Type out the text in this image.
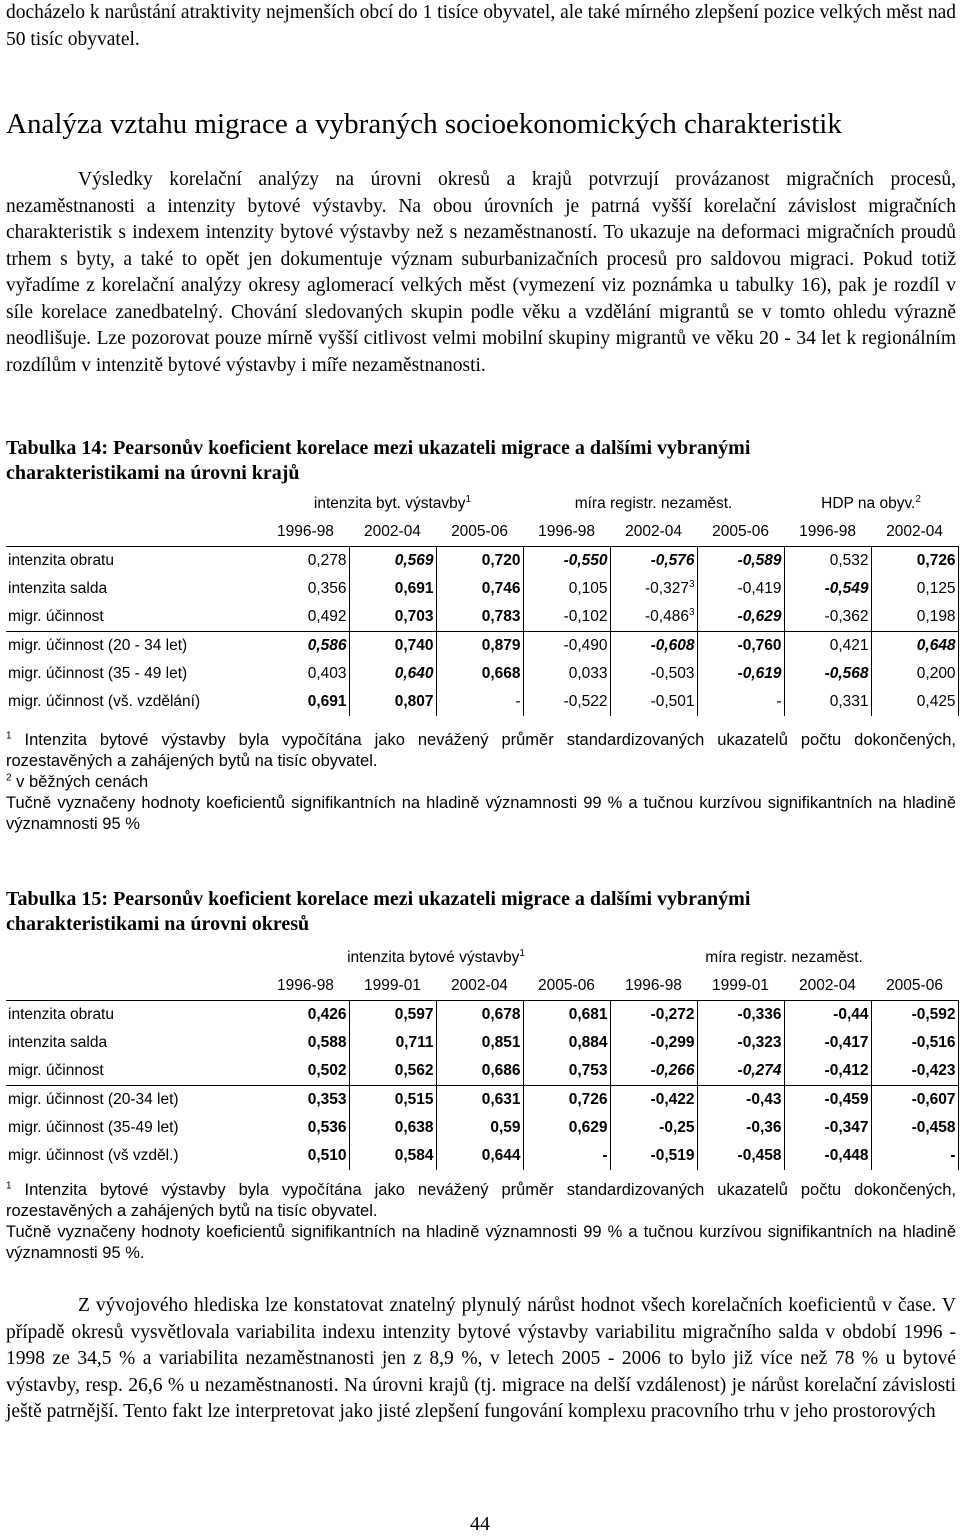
docházelo k narůstání atraktivity nejmenších obcí do 1 tisíce obyvatel, ale také mírného zlepšení pozice velkých měst nad 50 tisíc obyvatel.

Analýza vztahu migrace a vybraných socioekonomických charakteristik

Výsledky korelační analýzy na úrovni okresů a krajů potvrzují provázanost migračních procesů, nezaměstnanosti a intenzity bytové výstavby. Na obou úrovních je patrná vyšší korelační závislost migračních charakteristik s indexem intenzity bytové výstavby než s nezaměstnaností. To ukazuje na deformaci migračních proudů trhem s byty, a také to opět jen dokumentuje význam suburbanizačních procesů pro saldovou migraci. Pokud totiž vyřadíme z korelační analýzy okresy aglomerací velkých měst (vymezení viz poznámka u tabulky 16), pak je rozdíl v síle korelace zanedbatelný. Chování sledovaných skupin podle věku a vzdělání migrantů se v tomto ohledu výrazně neodlišuje. Lze pozorovat pouze mírně vyšší citlivost velmi mobilní skupiny migrantů ve věku 20 - 34 let k regionálním rozdílům v intenzitě bytové výstavby i míře nezaměstnanosti.

Tabulka 14: Pearsonův koeficient korelace mezi ukazateli migrace a dalšími vybranými charakteristikami na úrovni krajů
	intenzita byt. výstavby$^1$			míra registr. nezaměst.			HDP na obyv.$^2$
	1996-98	2002-04	2005-06	1996-98	2002-04	2005-06	1996-98	2002-04
intenzita obratu	0,278	0,569	0,720	-0,550	-0,576	-0,589	0,532	0,726
intenzita salda	0,356	0,691	0,746	0,105	-0,327$^3$	-0,419	-0,549	0,125
migr. účinnost	0,492	0,703	0,783	-0,102	-0,486$^3$	-0,629	-0,362	0,198
migr. účinnost (20 - 34 let)	0,586	0,740	0,879	-0,490	-0,608	-0,760	0,421	0,648
migr. účinnost (35 - 49 let)	0,403	0,640	0,668	0,033	-0,503	-0,619	-0,568	0,200
migr. účinnost (vš. vzdělání)	0,691	0,807	-	-0,522	-0,501	-	0,331	0,425
$^1$ Intenzita bytové výstavby byla vypočítána jako nevážený průměr standardizovaných ukazatelů počtu dokončených, rozestavěných a zahájených bytů na tisíc obyvatel.
$^2$ v běžných cenách
Tučně vyznačeny hodnoty koeficientů signifikantních na hladině významnosti 99 % a tučnou kurzívou signifikantních na hladině významnosti 95 %
Tabulka 15: Pearsonův koeficient korelace mezi ukazateli migrace a dalšími vybranými charakteristikami na úrovni okresů
	intenzita bytové výstavby$^1$				míra registr. nezaměst.			
	1996-98	1999-01	2002-04	2005-06	1996-98	1999-01	2002-04	2005-06
intenzita obratu	0,426	0,597	0,678	0,681	-0,272	-0,336	-0,44	-0,592
intenzita salda	0,588	0,711	0,851	0,884	-0,299	-0,323	-0,417	-0,516
migr. účinnost	0,502	0,562	0,686	0,753	-0,266	-0,274	-0,412	-0,423
migr. účinnost (20-34 let)	0,353	0,515	0,631	0,726	-0,422	-0,43	-0,459	-0,607
migr. účinnost (35-49 let)	0,536	0,638	0,59	0,629	-0,25	-0,36	-0,347	-0,458
migr. účinnost (vš vzděl.)	0,510	0,584	0,644	-	-0,519	-0,458	-0,448	-
$^1$ Intenzita bytové výstavby byla vypočítána jako nevážený průměr standardizovaných ukazatelů počtu dokončených, rozestavěných a zahájených bytů na tisíc obyvatel.
Tučně vyznačeny hodnoty koeficientů signifikantních na hladině významnosti 99 % a tučnou kurzívou signifikantních na hladině významnosti 95 %.

Z vývojového hlediska lze konstatovat znatelný plynulý nárůst hodnot všech korelačních koeficientů v čase. V případě okresů vysvětlovala variabilita indexu intenzity bytové výstavby variabilitu migračního salda v období 1996 - 1998 ze 34,5 % a variabilita nezaměstnanosti jen z 8,9 %, v letech 2005 - 2006 to bylo již více než 78 % u bytové výstavby, resp. 26,6 % u nezaměstnanosti. Na úrovni krajů (tj. migrace na delší vzdálenost) je nárůst korelační závislosti ještě patrnější. Tento fakt lze interpretovat jako jisté zlepšení fungování komplexu pracovního trhu v jeho prostorových

44
